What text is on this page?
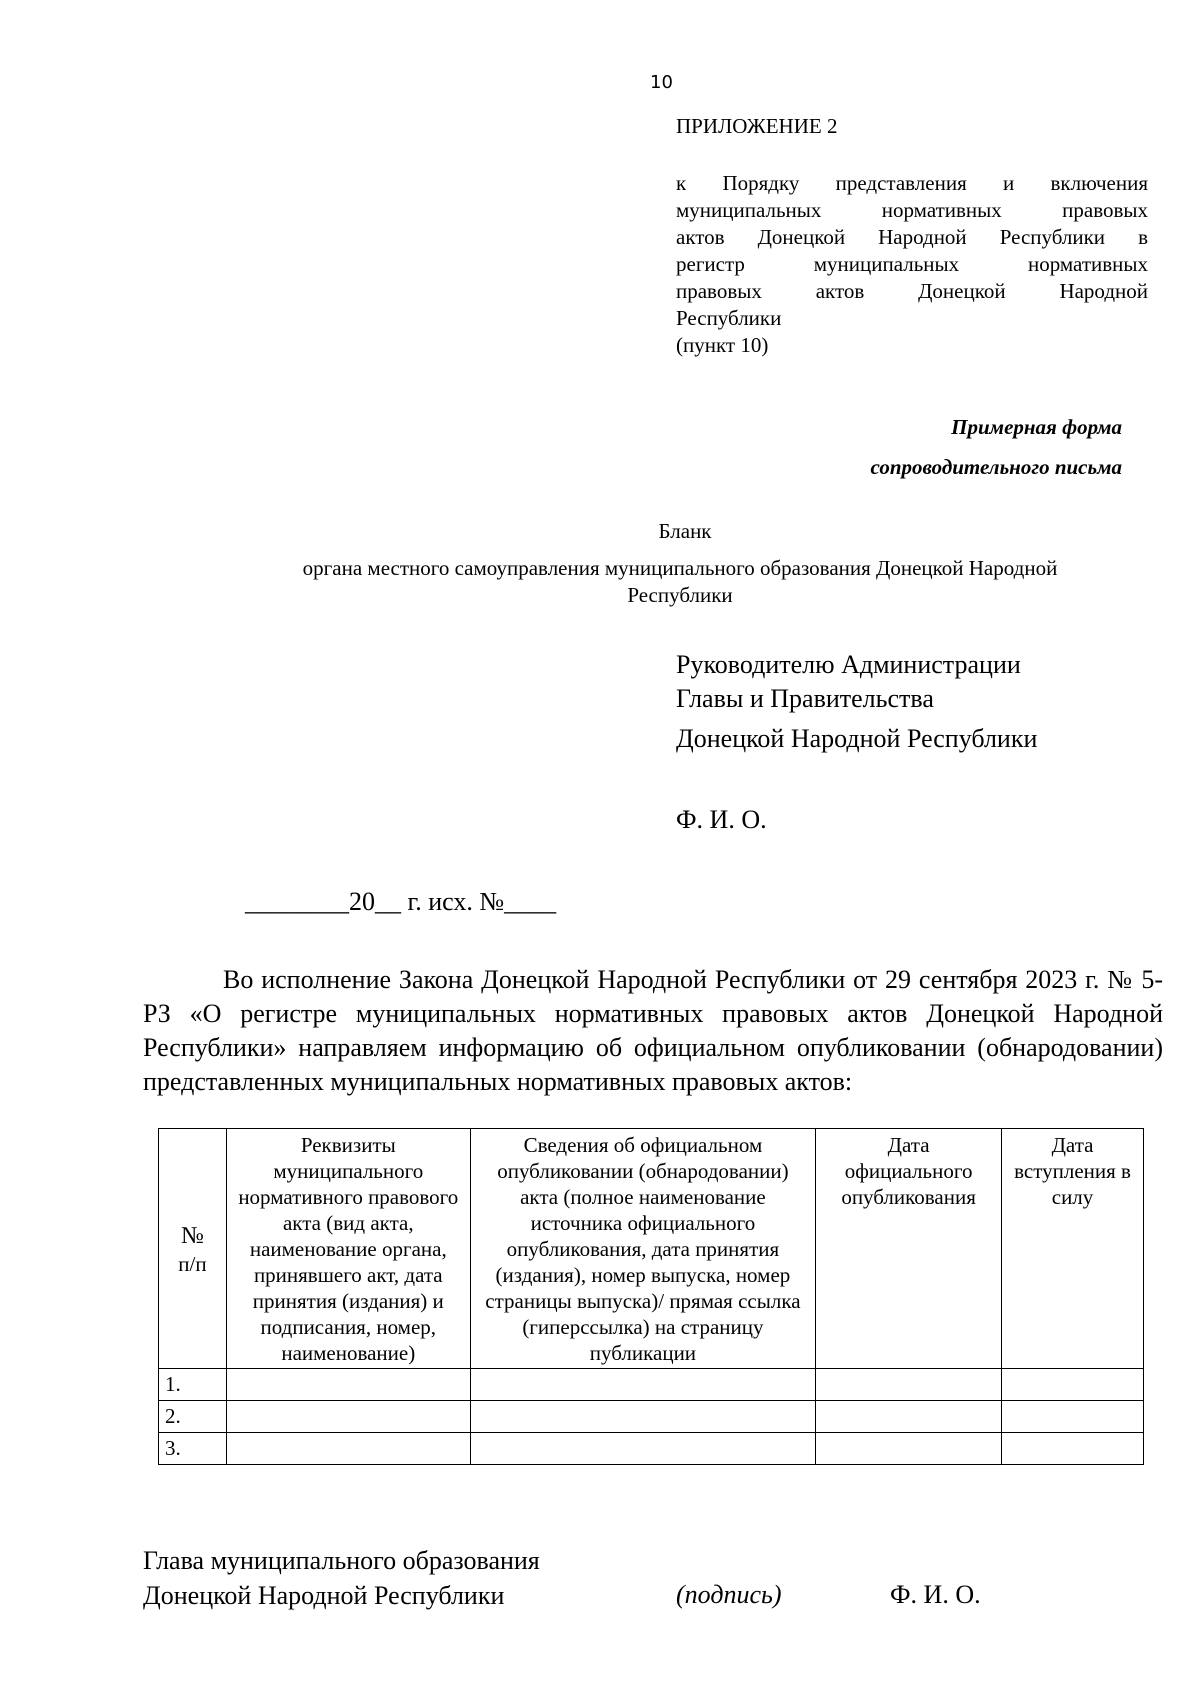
10
ПРИЛОЖЕНИЕ 2
к Порядку представления и включения
муниципальных нормативных правовых
актов Донецкой Народной Республики в
регистр муниципальных нормативных
правовых актов Донецкой Народной
Республики
(пункт 10)
Примерная форма
сопроводительного письма
Бланк
органа местного самоуправления муниципального образования Донецкой Народной Республики
Руководителю Администрации
Главы и Правительства
Донецкой Народной Республики
Ф. И. О.
________20__ г. исх. №____
Во исполнение Закона Донецкой Народной Республики от 29 сентября 2023 г. № 5-РЗ «О регистре муниципальных нормативных правовых актов Донецкой Народной Республики» направляем информацию об официальном опубликовании (обнародовании) представленных муниципальных нормативных правовых актов:
№
п/п	Реквизиты муниципального нормативного правового акта (вид акта, наименование органа, принявшего акт, дата принятия (издания) и подписания, номер, наименование)	Сведения об официальном опубликовании (обнародовании) акта (полное наименование источника официального опубликования, дата принятия (издания), номер выпуска, номер страницы выпуска)/ прямая ссылка (гиперссылка) на страницу публикации	Дата официального опубликования	Дата вступления в силу
1.				
2.				
3.				
Глава муниципального образования
Донецкой Народной Республики	(подпись)	Ф. И. О.
